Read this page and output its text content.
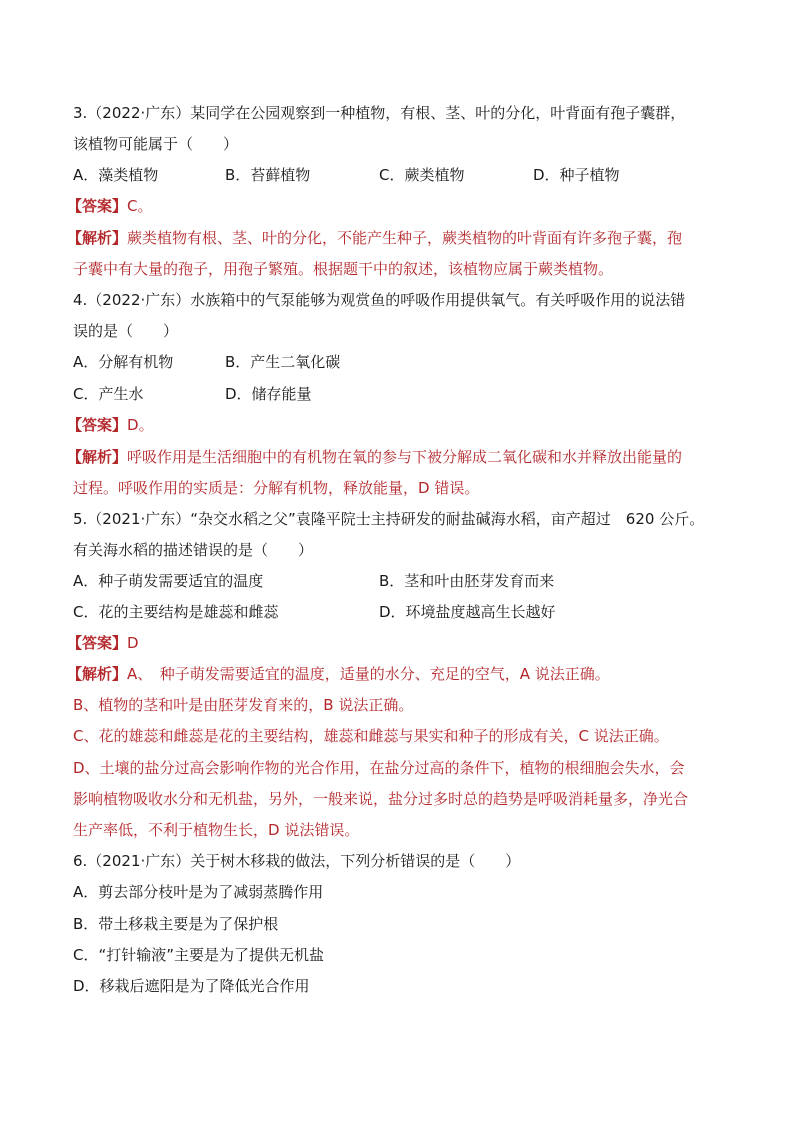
3.（2022·广东）某同学在公园观察到一种植物，有根、茎、叶的分化，叶背面有孢子囊群，
该植物可能属于（　　）
A．藻类植物	B．苔藓植物	C．蕨类植物	D．种子植物
【答案】C。
【解析】蕨类植物有根、茎、叶的分化，不能产生种子，蕨类植物的叶背面有许多孢子囊，孢
子囊中有大量的孢子，用孢子繁殖。根据题干中的叙述，该植物应属于蕨类植物。
4.（2022·广东）水族箱中的气泵能够为观赏鱼的呼吸作用提供氧气。有关呼吸作用的说法错
误的是（　　）
A．分解有机物	B．产生二氧化碳
C．产生水	D．储存能量
【答案】D。
【解析】呼吸作用是生活细胞中的有机物在氧的参与下被分解成二氧化碳和水并释放出能量的
过程。呼吸作用的实质是：分解有机物，释放能量，D 错误。
5.（2021·广东）“杂交水稻之父”袁隆平院士主持研发的耐盐碱海水稻，亩产超过　620 公斤。
有关海水稻的描述错误的是（　　）
A．种子萌发需要适宜的温度	B．茎和叶由胚芽发育而来
C．花的主要结构是雄蕊和雌蕊	D．环境盐度越高生长越好
【答案】D
【解析】A、　种子萌发需要适宜的温度，适量的水分、充足的空气，A 说法正确。
B、植物的茎和叶是由胚芽发育来的，B 说法正确。
C、花的雄蕊和雌蕊是花的主要结构，雄蕊和雌蕊与果实和种子的形成有关，C 说法正确。
D、土壤的盐分过高会影响作物的光合作用，在盐分过高的条件下，植物的根细胞会失水，会
影响植物吸收水分和无机盐，另外，一般来说，盐分过多时总的趋势是呼吸消耗量多，净光合
生产率低，不利于植物生长，D 说法错误。
6.（2021·广东）关于树木移栽的做法，下列分析错误的是（　　）
A．剪去部分枝叶是为了减弱蒸腾作用
B．带土移栽主要是为了保护根
C．“打针输液”主要是为了提供无机盐
D．移栽后遮阳是为了降低光合作用
